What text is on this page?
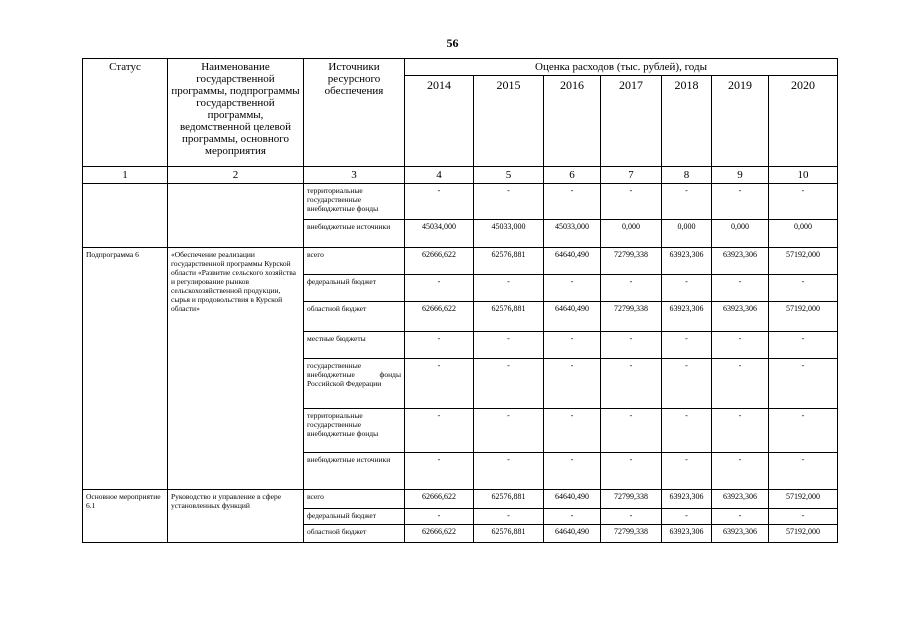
56
Статус	Наименование государственной программы, подпрограммы государственной программы, ведомственной целевой программы, основного мероприятия	Источники ресурсного обеспечения	Оценка расходов (тыс. рублей), годы						
			2014	2015	2016	2017	2018	2019	2020
1	2	3	4	5	6	7	8	9	10
		территориальные государственные внебюджетные фонды	-	-	-	-	-	-	-
		внебюджетные источники	45034,000	45033,000	45033,000	0,000	0,000	0,000	0,000
Подпрограмма 6	«Обеспечение реализации государственной программы Курской области «Развитие сельского хозяйства и регулирование рынков сельскохозяйственной продукции, сырья и продовольствия в Курской области»	всего	62666,622	62576,881	64640,490	72799,338	63923,306	63923,306	57192,000
		федеральный бюджет	-	-	-	-	-	-	-
		областной бюджет	62666,622	62576,881	64640,490	72799,338	63923,306	63923,306	57192,000
		местные бюджеты	-	-	-	-	-	-	-
		государственные внебюджетные фонды Российской Федерации	-	-	-	-	-	-	-
		территориальные государственные внебюджетные фонды	-	-	-	-	-	-	-
		внебюджетные источники	-	-	-	-	-	-	-
Основное мероприятие 6.1	Руководство и управление в сфере установленных функций	всего	62666,622	62576,881	64640,490	72799,338	63923,306	63923,306	57192,000
		федеральный бюджет	-	-	-	-	-	-	-
		областной бюджет	62666,622	62576,881	64640,490	72799,338	63923,306	63923,306	57192,000
